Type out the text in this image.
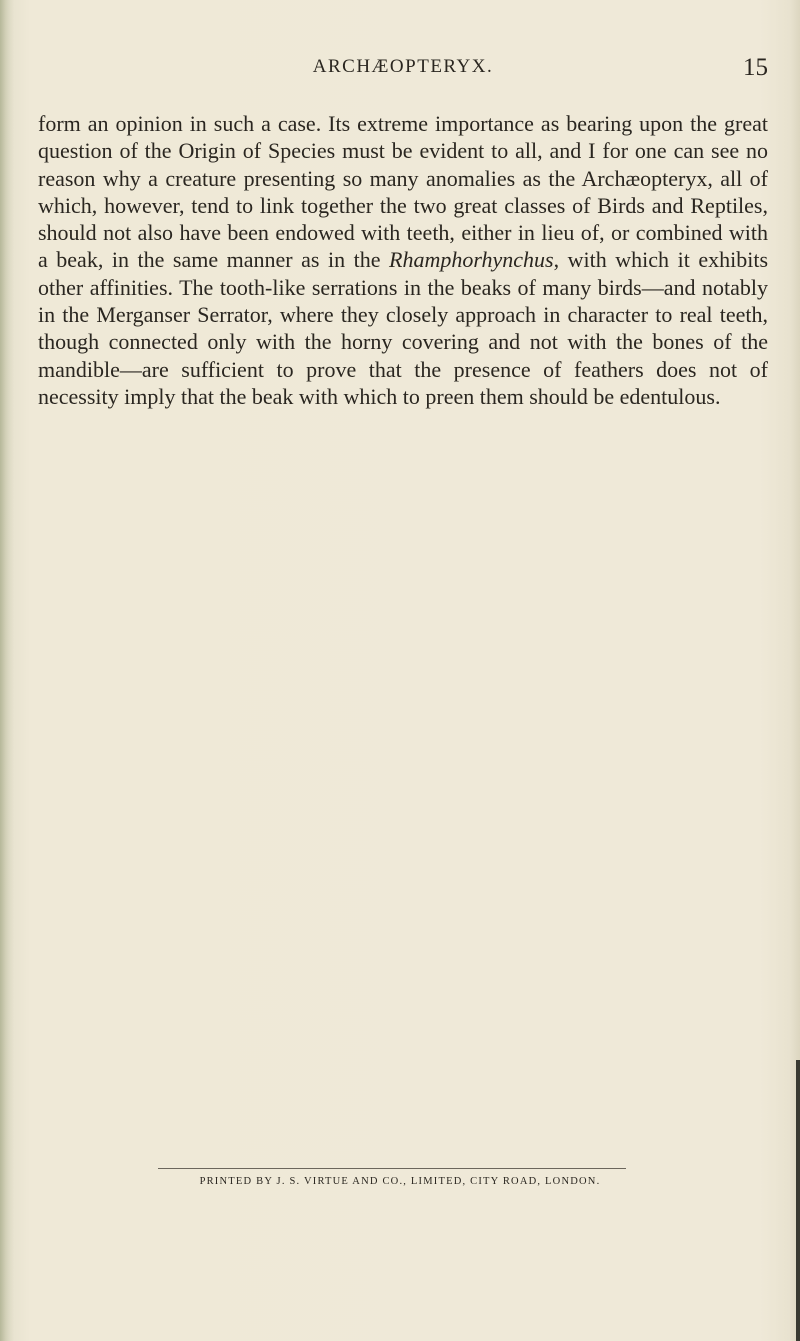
ARCHÆOPTERYX.	15

form an opinion in such a case. Its extreme importance as bearing upon the great question of the Origin of Species must be evident to all, and I for one can see no reason why a creature presenting so many anomalies as the Archæopteryx, all of which, however, tend to link together the two great classes of Birds and Reptiles, should not also have been endowed with teeth, either in lieu of, or combined with a beak, in the same manner as in the Rhamphorhynchus, with which it exhibits other affinities. The tooth-like serrations in the beaks of many birds—and notably in the Merganser Serrator, where they closely approach in character to real teeth, though connected only with the horny covering and not with the bones of the mandible—are sufficient to prove that the presence of feathers does not of necessity imply that the beak with which to preen them should be edentulous.

PRINTED BY J. S. VIRTUE AND CO., LIMITED, CITY ROAD, LONDON.
